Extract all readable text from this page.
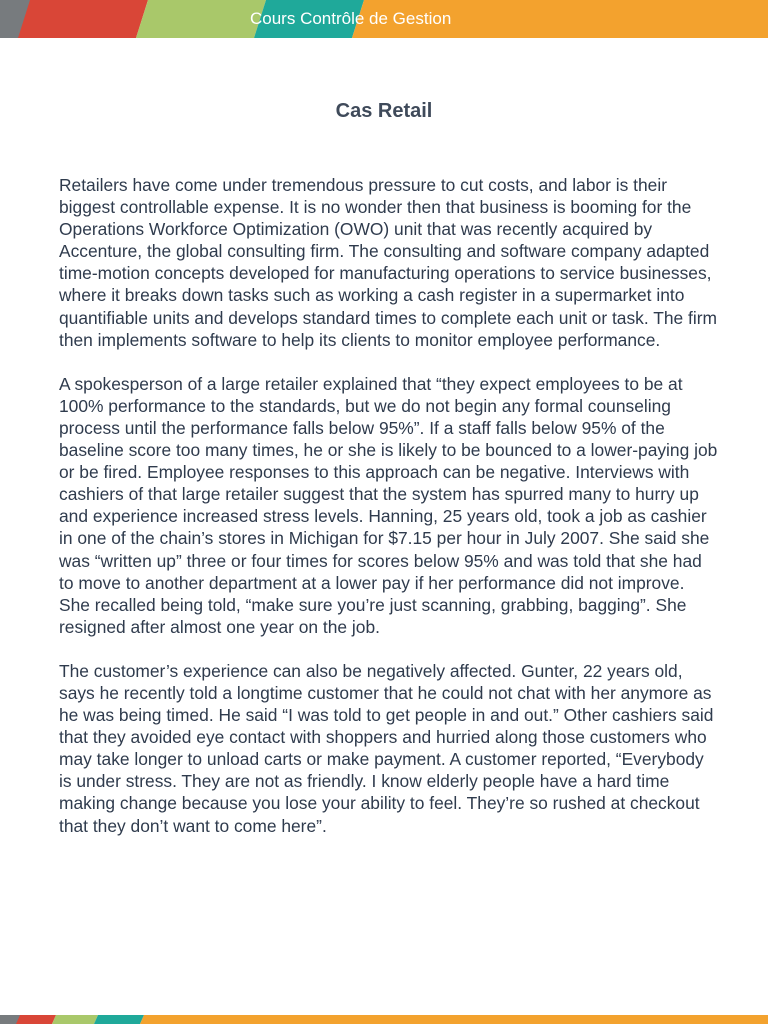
Cours Contrôle de Gestion
Cas Retail

Retailers have come under tremendous pressure to cut costs, and labor is their biggest controllable expense. It is no wonder then that business is booming for the Operations Workforce Optimization (OWO) unit that was recently acquired by Accenture, the global consulting firm. The consulting and software company adapted time-motion concepts developed for manufacturing operations to service businesses, where it breaks down tasks such as working a cash register in a supermarket into quantifiable units and develops standard times to complete each unit or task. The firm then implements software to help its clients to monitor employee performance.

A spokesperson of a large retailer explained that “they expect employees to be at 100% performance to the standards, but we do not begin any formal counseling process until the performance falls below 95%”. If a staff falls below 95% of the baseline score too many times, he or she is likely to be bounced to a lower-paying job or be fired. Employee responses to this approach can be negative. Interviews with cashiers of that large retailer suggest that the system has spurred many to hurry up and experience increased stress levels. Hanning, 25 years old, took a job as cashier in one of the chain’s stores in Michigan for $7.15 per hour in July 2007. She said she was “written up” three or four times for scores below 95% and was told that she had to move to another department at a lower pay if her performance did not improve. She recalled being told, “make sure you’re just scanning, grabbing, bagging”. She resigned after almost one year on the job.

The customer’s experience can also be negatively affected. Gunter, 22 years old, says he recently told a longtime customer that he could not chat with her anymore as he was being timed. He said “I was told to get people in and out.” Other cashiers said that they avoided eye contact with shoppers and hurried along those customers who may take longer to unload carts or make payment. A customer reported, “Everybody is under stress. They are not as friendly. I know elderly people have a hard time making change because you lose your ability to feel. They’re so rushed at checkout that they don’t want to come here”.
